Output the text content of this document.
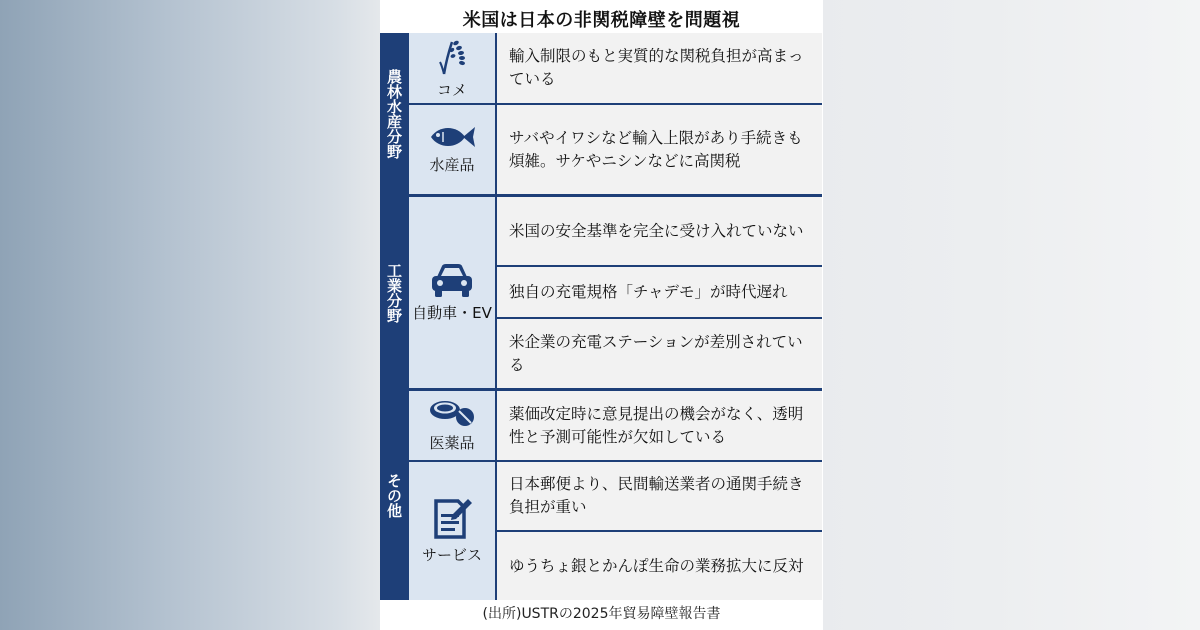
米国は日本の非関税障壁を問題視
農林水産分野 コメ
輸入制限のもと実質的な関税負担が高まっている
水産品
サバやイワシなど輸入上限があり手続きも煩雑。サケやニシンなどに高関税
工業分野 自動車・EV
米国の安全基準を完全に受け入れていない
独自の充電規格「チャデモ」が時代遅れ
米企業の充電ステーションが差別されている
その他
医薬品
薬価改定時に意見提出の機会がなく、透明性と予測可能性が欠如している
サービス
日本郵便より、民間輸送業者の通関手続き負担が重い
ゆうちょ銀とかんぽ生命の業務拡大に反対
(出所)USTRの2025年貿易障壁報告書
